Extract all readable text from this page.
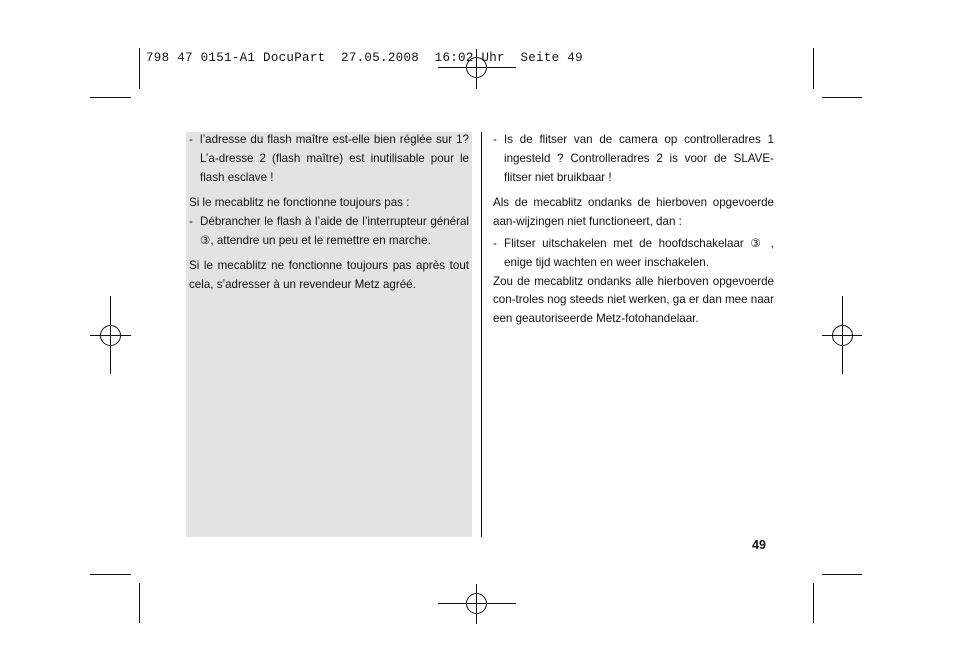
798 47 0151-A1 DocuPart  27.05.2008  16:02 Uhr  Seite 49
- l’adresse du flash maître est-elle bien réglée sur 1? L’a-dresse 2 (flash maître) est inutilisable pour le flash esclave !

Si le mecablitz ne fonctionne toujours pas :

- Débrancher le flash à l’aide de l’interrupteur général ③, attendre un peu et le remettre en marche.

Si le mecablitz ne fonctionne toujours pas après tout cela, s’adresser à un revendeur Metz agréé.

- Is de flitser van de camera op controlleradres 1 ingesteld ? Controlleradres 2 is voor de SLAVE-flitser niet bruikbaar !

Als de mecablitz ondanks de hierboven opgevoerde aan-wijzingen niet functioneert, dan :

- Flitser uitschakelen met de hoofdschakelaar ③ , enige tijd wachten en weer inschakelen.

Zou de mecablitz ondanks alle hierboven opgevoerde con-troles nog steeds niet werken, ga er dan mee naar een geautoriseerde Metz-fotohandelaar.

49
